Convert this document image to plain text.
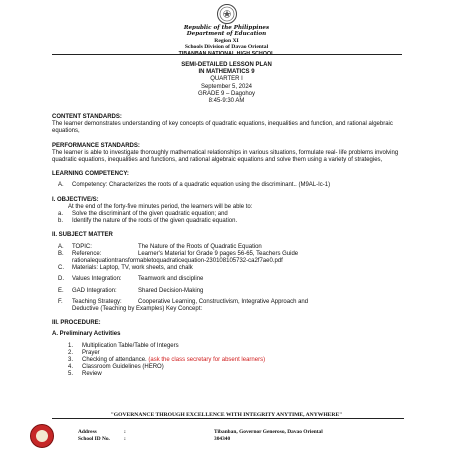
Republic of the Philippines
Department of Education
Region XI
Schools Division of Davao Oriental
TIBANBAN NATIONAL HIGH SCHOOL
SEMI-DETAILED LESSON PLAN
IN MATHEMATICS 9
QUARTER I
September 5, 2024
GRADE 9 – Dagohoy
8:45-9:30 AM

CONTENT STANDARDS:

The learner demonstrates understanding of key concepts of quadratic equations, inequalities and function, and rational algebraic equations,

PERFORMANCE STANDARDS:

The learner is able to investigate thoroughly mathematical relationships in various situations, formulate real- life problems involving quadratic equations, inequalities and functions, and rational algebraic equations and solve them using a variety of strategies,

LEARNING COMPETENCY:

A.	Competency: Characterizes the roots of a quadratic equation using the discriminant.. (M9AL-Ic-1)

I. OBJECTIVE/S:

At the end of the forty-five minutes period, the learners will be able to:

a.	Solve the discriminant of the given quadratic equation; and
b.	Identify the nature of the roots of the given quadratic equation.

II. SUBJECT MATTER

A.	TOPIC:	The Nature of the Roots of Quadratic Equation
B.	Reference:	Learner's Material for Grade 9 pages 56-65, Teachers Guide
rationalequationtransformabletoquadraticequation-230108105732-ca2f7ae0.pdf
C.	Materials: Laptop, TV, work sheets, and chalk
D.	Values Integration:	Teamwork and discipline
E.	GAD Integration:	Shared Decision-Making
F.	Teaching Strategy:	Cooperative Learning, Constructivism, Integrative Approach and
Deductive (Teaching by Examples) Key Concept:

III. PROCEDURE:

A. Preliminary Activities

1.	Multiplication Table/Table of Integers
2.	Prayer
3.	Checking of attendance. (ask the class secretary for absent learners)
4.	Classroom Guidelines (HERO)
5.	Review
"GOVERNANCE THROUGH EXCELLENCE WITH INTEGRITY ANYTIME, ANYWHERE"
Address	:	Tibanban, Governor Generoso, Davao Oriental
School ID No.	:	304340
